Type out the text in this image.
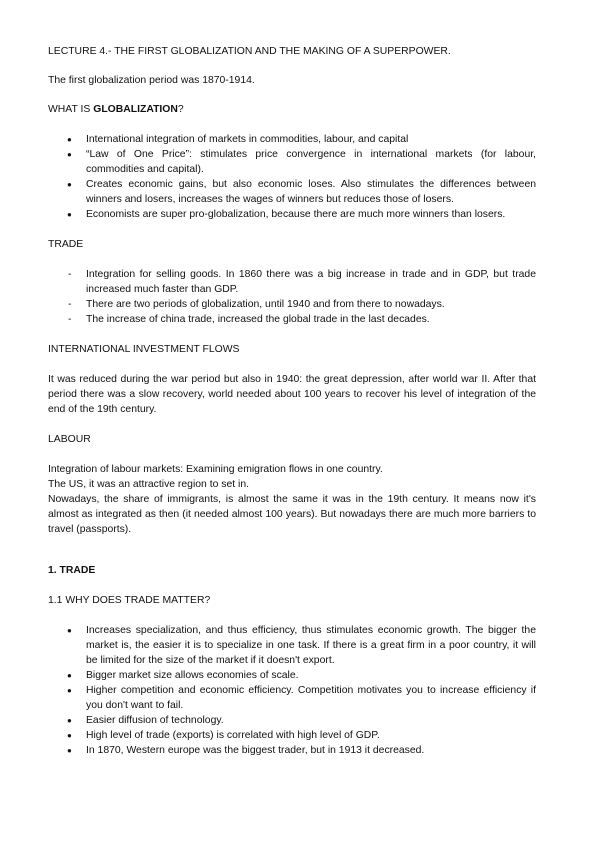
LECTURE 4.- THE FIRST GLOBALIZATION AND THE MAKING OF A SUPERPOWER.

The first globalization period was 1870-1914.

WHAT IS GLOBALIZATION?

● International integration of markets in commodities, labour, and capital
● “Law of One Price”: stimulates price convergence in international markets (for labour, commodities and capital).
● Creates economic gains, but also economic loses. Also stimulates the differences between winners and losers, increases the wages of winners but reduces those of losers.
● Economists are super pro-globalization, because there are much more winners than losers.

TRADE

- Integration for selling goods. In 1860 there was a big increase in trade and in GDP, but trade increased much faster than GDP.
- There are two periods of globalization, until 1940 and from there to nowadays.
- The increase of china trade, increased the global trade in the last decades.

INTERNATIONAL INVESTMENT FLOWS

It was reduced during the war period but also in 1940: the great depression, after world war II. After that period there was a slow recovery, world needed about 100 years to recover his level of integration of the end of the 19th century.

LABOUR

Integration of labour markets: Examining emigration flows in one country.

The US, it was an attractive region to set in.

Nowadays, the share of immigrants, is almost the same it was in the 19th century. It means now it's almost as integrated as then (it needed almost 100 years). But nowadays there are much more barriers to travel (passports).

1. TRADE

1.1 WHY DOES TRADE MATTER?

● Increases specialization, and thus efficiency, thus stimulates economic growth. The bigger the market is, the easier it is to specialize in one task. If there is a great firm in a poor country, it will be limited for the size of the market if it doesn't export.
● Bigger market size allows economies of scale.
● Higher competition and economic efficiency. Competition motivates you to increase efficiency if you don't want to fail.
● Easier diffusion of technology.
● High level of trade (exports) is correlated with high level of GDP.
● In 1870, Western europe was the biggest trader, but in 1913 it decreased.
